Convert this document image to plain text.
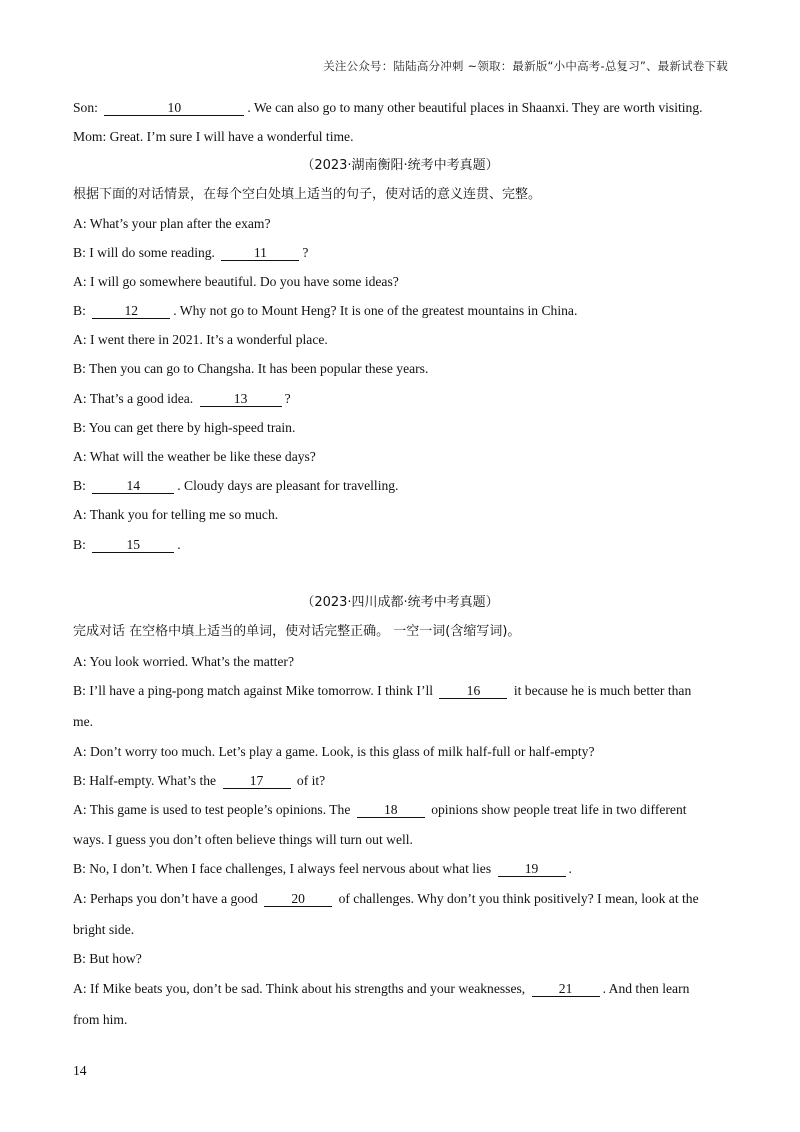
关注公众号：陆陆高分冲刺 ~领取：最新版“小中高考-总复习”、最新试卷下载
Son:	10	. We can also go to many other beautiful places in Shaanxi. They are worth visiting.
Mom: Great. I’m sure I will have a wonderful time.
（2023·湖南衡阳·统考中考真题）
根据下面的对话情景，在每个空白处填上适当的句子，使对话的意义连贯、完整。
A: What’s your plan after the exam?
B: I will do some reading.	11	?
A: I will go somewhere beautiful. Do you have some ideas?
B:	12	. Why not go to Mount Heng? It is one of the greatest mountains in China.
A: I went there in 2021. It’s a wonderful place.
B: Then you can go to Changsha. It has been popular these years.
A: That’s a good idea.	13	?
B: You can get there by high-speed train.
A: What will the weather be like these days?
B:	14	. Cloudy days are pleasant for travelling.
A: Thank you for telling me so much.
B:	15	.
（2023·四川成都·统考中考真题）
完成对话 在空格中填上适当的单词，使对话完整正确。 一空一词(含缩写词)。
A: You look worried. What’s the matter?
B: I’ll have a ping-pong match against Mike tomorrow. I think I’ll 16 it because he is much better than
me.
A: Don’t worry too much. Let’s play a game. Look, is this glass of milk half-full or half-empty?
B: Half-empty. What’s the 17 of it?
A: This game is used to test people’s opinions. The 18 opinions show people treat life in two different
ways. I guess you don’t often believe things will turn out well.
B: No, I don’t. When I face challenges, I always feel nervous about what lies 19 .
A: Perhaps you don’t have a good 20 of challenges. Why don’t you think positively? I mean, look at the
bright side.
B: But how?
A: If Mike beats you, don’t be sad. Think about his strengths and your weaknesses, 21 . And then learn
from him.
14
